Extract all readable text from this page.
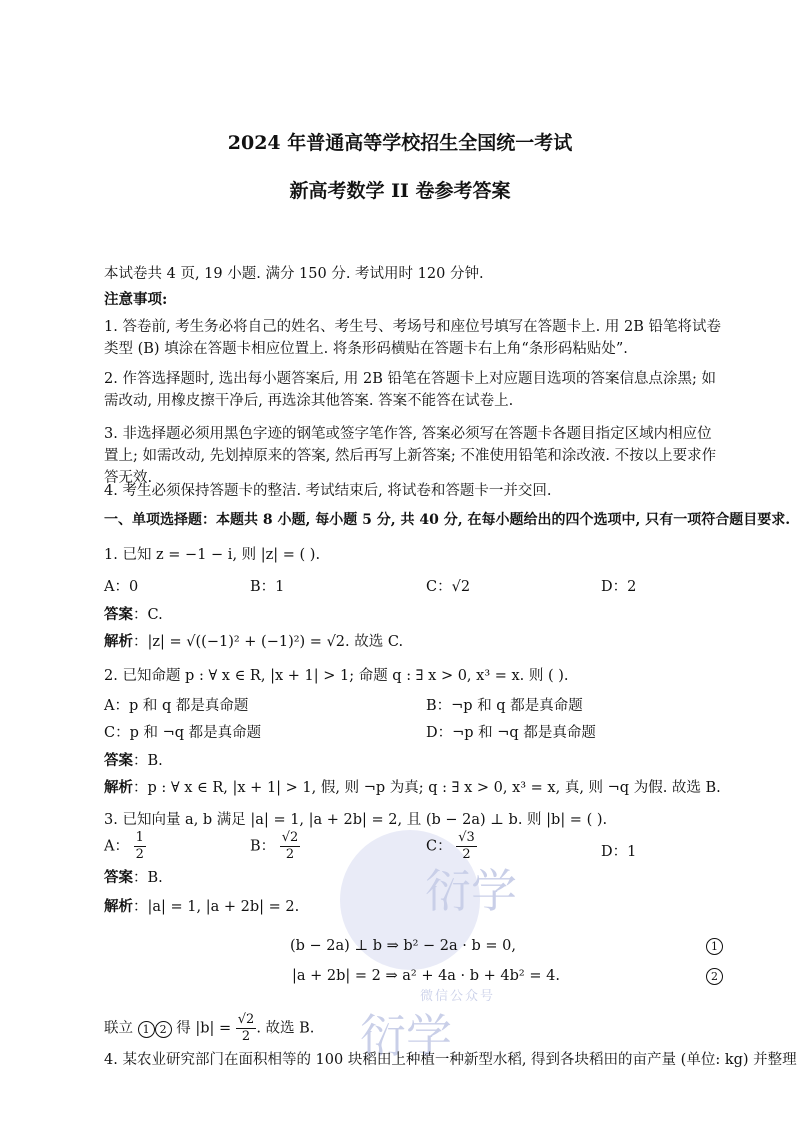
衍学
微信公众号
衍学
2024 年普通高等学校招生全国统一考试
新高考数学 II 卷参考答案
本试卷共 4 页, 19 小题. 满分 150 分. 考试用时 120 分钟.
注意事项:
1. 答卷前, 考生务必将自己的姓名、考生号、考场号和座位号填写在答题卡上. 用 2B 铅笔将试卷类型 (B) 填涂在答题卡相应位置上. 将条形码横贴在答题卡右上角“条形码粘贴处”.
2. 作答选择题时, 选出每小题答案后, 用 2B 铅笔在答题卡上对应题目选项的答案信息点涂黑; 如需改动, 用橡皮擦干净后, 再选涂其他答案. 答案不能答在试卷上.
3. 非选择题必须用黑色字迹的钢笔或签字笔作答, 答案必须写在答题卡各题目指定区域内相应位置上; 如需改动, 先划掉原来的答案, 然后再写上新答案; 不准使用铅笔和涂改液. 不按以上要求作答无效.
4. 考生必须保持答题卡的整洁. 考试结束后, 将试卷和答题卡一并交回.
一、单项选择题：本题共 8 小题, 每小题 5 分, 共 40 分, 在每小题给出的四个选项中, 只有一项符合题目要求.
1. 已知 z = −1 − i, 则 |z| = ( ).
A：0	B：1	C：√2	D：2
答案：C.
解析：|z| = √((−1)² + (−1)²) = √2. 故选 C.
2. 已知命题 p : ∀ x ∈ R, |x + 1| > 1; 命题 q : ∃ x > 0, x³ = x. 则 ( ).
A：p 和 q 都是真命题	B：¬p 和 q 都是真命题
C：p 和 ¬q 都是真命题	D：¬p 和 ¬q 都是真命题
答案：B.
解析：p : ∀ x ∈ R, |x + 1| > 1, 假, 则 ¬p 为真; q : ∃ x > 0, x³ = x, 真, 则 ¬q 为假. 故选 B.
3. 已知向量 a, b 满足 |a| = 1, |a + 2b| = 2, 且 (b − 2a) ⊥ b. 则 |b| = ( ).
A： $\frac{1}{2}$	B： $\frac{√2}{2}$	C： $\frac{√3}{2}$	D：1
答案：B.
解析：|a| = 1, |a + 2b| = 2.
(b − 2a) ⊥ b ⇒ b² − 2a · b = 0,	1
|a + 2b| = 2 ⇒ a² + 4a · b + 4b² = 4.	2
联立 1 2 得 $|b| = \frac{√2}{2}$ . 故选 B.
4. 某农业研究部门在面积相等的 100 块稻田上种植一种新型水稻, 得到各块稻田的亩产量 (单位: kg) 并整理
